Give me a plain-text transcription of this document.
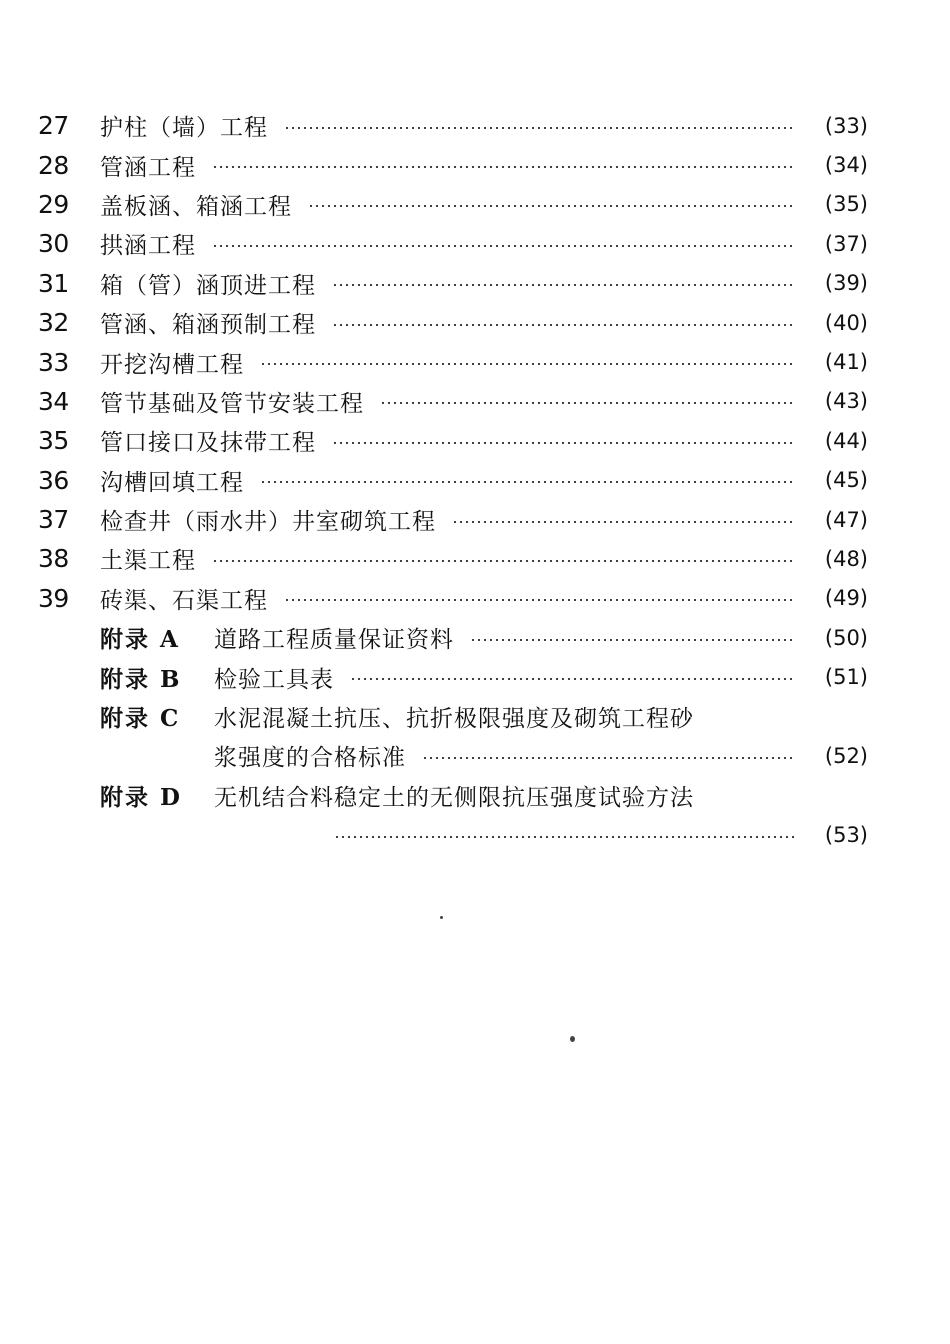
27	护柱（墙）工程	(33)
28	管涵工程	(34)
29	盖板涵、箱涵工程	(35)
30	拱涵工程	(37)
31	箱（管）涵顶进工程	(39)
32	管涵、箱涵预制工程	(40)
33	开挖沟槽工程	(41)
34	管节基础及管节安装工程	(43)
35	管口接口及抹带工程	(44)
36	沟槽回填工程	(45)
37	检查井（雨水井）井室砌筑工程	(47)
38	土渠工程	(48)
39	砖渠、石渠工程	(49)
附录 A	道路工程质量保证资料	(50)
附录 B	检验工具表	(51)
附录 C	水泥混凝土抗压、抗折极限强度及砌筑工程砂
浆强度的合格标准	(52)
附录 D	无机结合料稳定土的无侧限抗压强度试验方法
(53)
